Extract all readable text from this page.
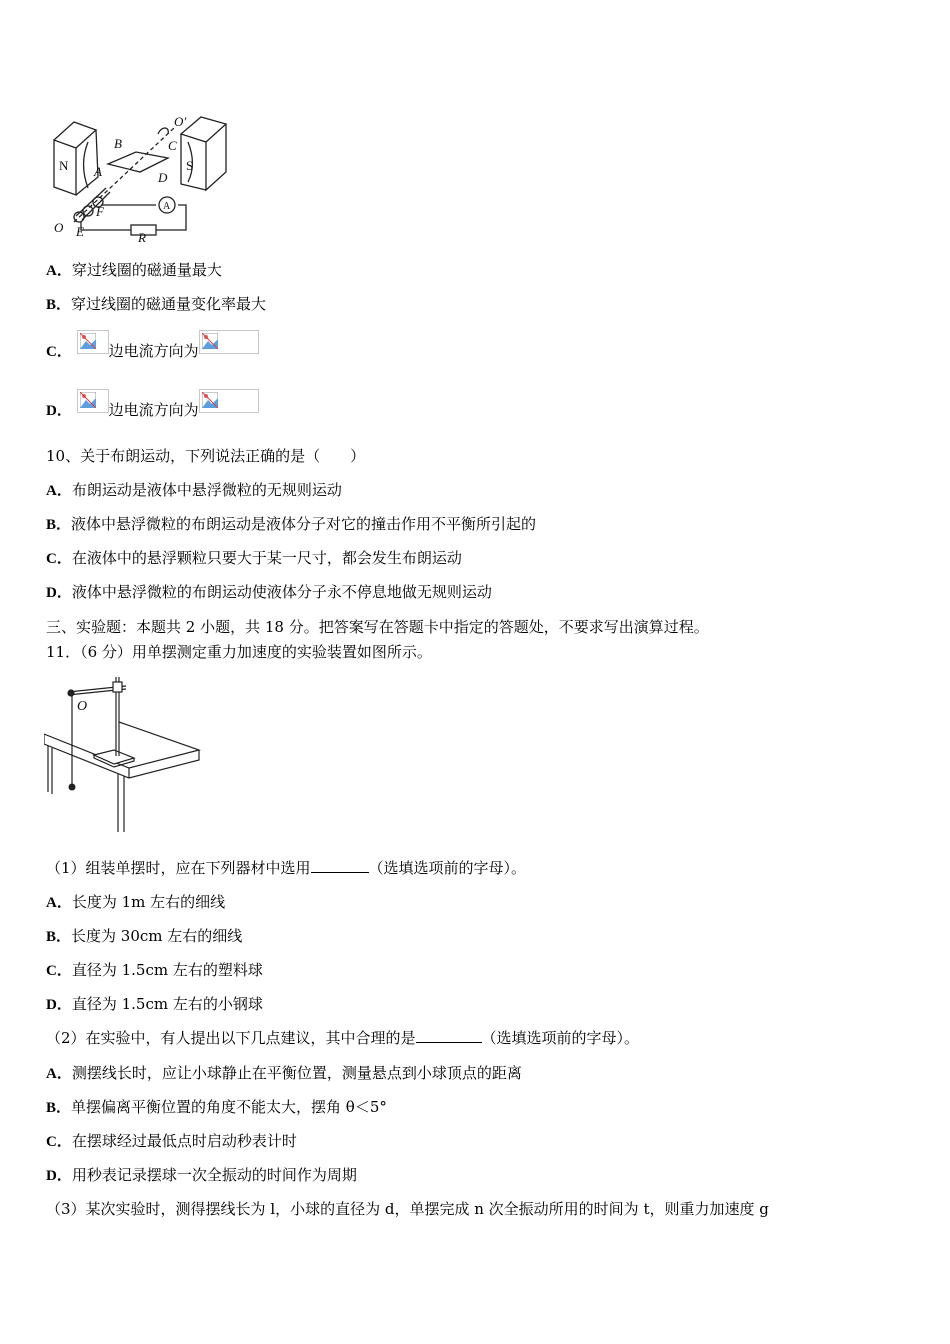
N	S
B	C
A	D
O′
F
O E	R
A
A．穿过线圈的磁通量最大
B．穿过线圈的磁通量变化率最大
C． 边电流方向为
D． 边电流方向为
10、关于布朗运动，下列说法正确的是（　　）
A．布朗运动是液体中悬浮微粒的无规则运动
B．液体中悬浮微粒的布朗运动是液体分子对它的撞击作用不平衡所引起的
C．在液体中的悬浮颗粒只要大于某一尺寸，都会发生布朗运动
D．液体中悬浮微粒的布朗运动使液体分子永不停息地做无规则运动
三、实验题：本题共 2 小题，共 18 分。把答案写在答题卡中指定的答题处，不要求写出演算过程。
11．（6 分）用单摆测定重力加速度的实验装置如图所示。
O
（1）组装单摆时，应在下列器材中选用	（选填选项前的字母）。
A．长度为 1m 左右的细线
B．长度为 30cm 左右的细线
C．直径为 1.5cm 左右的塑料球
D．直径为 1.5cm 左右的小钢球
（2）在实验中，有人提出以下几点建议，其中合理的是	（选填选项前的字母）。
A．测摆线长时，应让小球静止在平衡位置，测量悬点到小球顶点的距离
B．单摆偏离平衡位置的角度不能太大，摆角 θ＜5°
C．在摆球经过最低点时启动秒表计时
D．用秒表记录摆球一次全振动的时间作为周期
（3）某次实验时，测得摆线长为 l，小球的直径为 d，单摆完成 n 次全振动所用的时间为 t，则重力加速度 g
